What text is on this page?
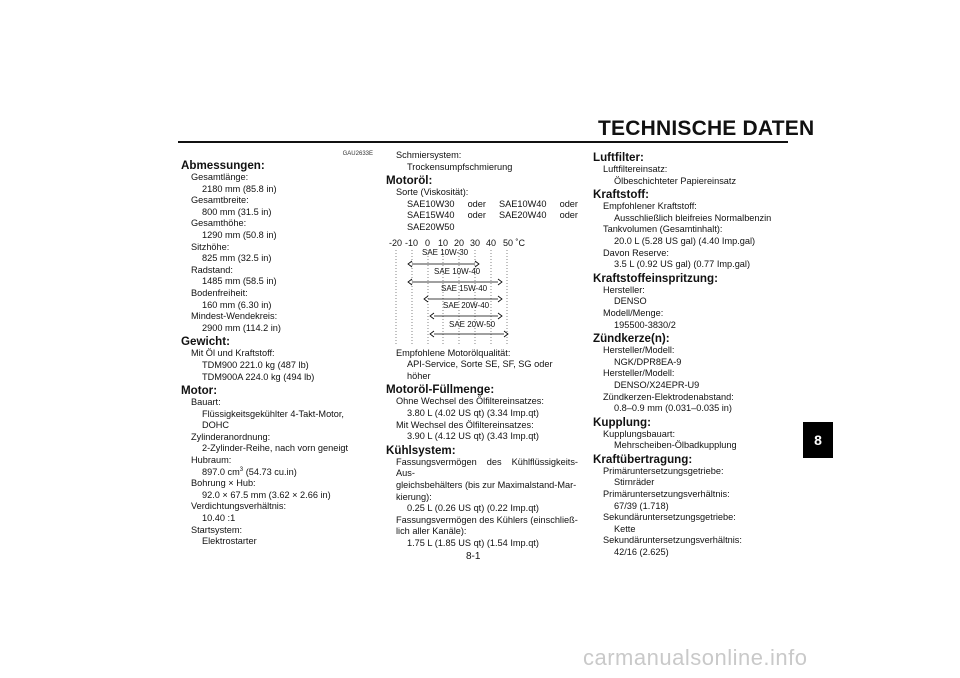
TECHNISCHE DATEN
8
GAU2633E
Abmessungen:
Gesamtlänge:
2180 mm (85.8 in)
Gesamtbreite:
800 mm (31.5 in)
Gesamthöhe:
1290 mm (50.8 in)
Sitzhöhe:
825 mm (32.5 in)
Radstand:
1485 mm (58.5 in)
Bodenfreiheit:
160 mm (6.30 in)
Mindest-Wendekreis:
2900 mm (114.2 in)
Gewicht:
Mit Öl und Kraftstoff:
TDM900 221.0 kg (487 lb)
TDM900A 224.0 kg (494 lb)
Motor:
Bauart:
Flüssigkeitsgekühlter 4-Takt-Motor, DOHC
Zylinderanordnung:
2-Zylinder-Reihe, nach vorn geneigt
Hubraum:
897.0 $cm^3$ (54.73 cu.in)
Bohrung × Hub:
92.0 × 67.5 mm (3.62 × 2.66 in)
Verdichtungsverhältnis:
10.40 :1
Startsystem:
Elektrostarter
Schmiersystem:
Trockensumpfschmierung
Motoröl:
Sorte (Viskosität):
SAE10W30 oder SAE10W40 oder
SAE15W40 oder SAE20W40 oder
SAE20W50
-20 -10 0 10 20 30 40 50 ˚C
SAE 10W-30
SAE 10W-40
SAE 15W-40
SAE 20W-40
SAE 20W-50
Empfohlene Motorölqualität:
API-Service, Sorte SE, SF, SG oder höher
Motoröl-Füllmenge:
Ohne Wechsel des Ölfiltereinsatzes:
3.80 L (4.02 US qt) (3.34 Imp.qt)
Mit Wechsel des Ölfiltereinsatzes:
3.90 L (4.12 US qt) (3.43 Imp.qt)
Kühlsystem:
Fassungsvermögen des Kühlflüssigkeits-Aus-
gleichsbehälters (bis zur Maximalstand-Mar-
kierung):
0.25 L (0.26 US qt) (0.22 Imp.qt)
Fassungsvermögen des Kühlers (einschließ-
lich aller Kanäle):
1.75 L (1.85 US qt) (1.54 Imp.qt)
Luftfilter:
Luftfiltereinsatz:
Ölbeschichteter Papiereinsatz
Kraftstoff:
Empfohlener Kraftstoff:
Ausschließlich bleifreies Normalbenzin
Tankvolumen (Gesamtinhalt):
20.0 L (5.28 US gal) (4.40 Imp.gal)
Davon Reserve:
3.5 L (0.92 US gal) (0.77 Imp.gal)
Kraftstoffeinspritzung:
Hersteller:
DENSO
Modell/Menge:
195500-3830/2
Zündkerze(n):
Hersteller/Modell:
NGK/DPR8EA-9
Hersteller/Modell:
DENSO/X24EPR-U9
Zündkerzen-Elektrodenabstand:
0.8–0.9 mm (0.031–0.035 in)
Kupplung:
Kupplungsbauart:
Mehrscheiben-Ölbadkupplung
Kraftübertragung:
Primäruntersetzungsgetriebe:
Stirnräder
Primäruntersetzungsverhältnis:
67/39 (1.718)
Sekundäruntersetzungsgetriebe:
Kette
Sekundäruntersetzungsverhältnis:
42/16 (2.625)
8-1
carmanualsonline.info
